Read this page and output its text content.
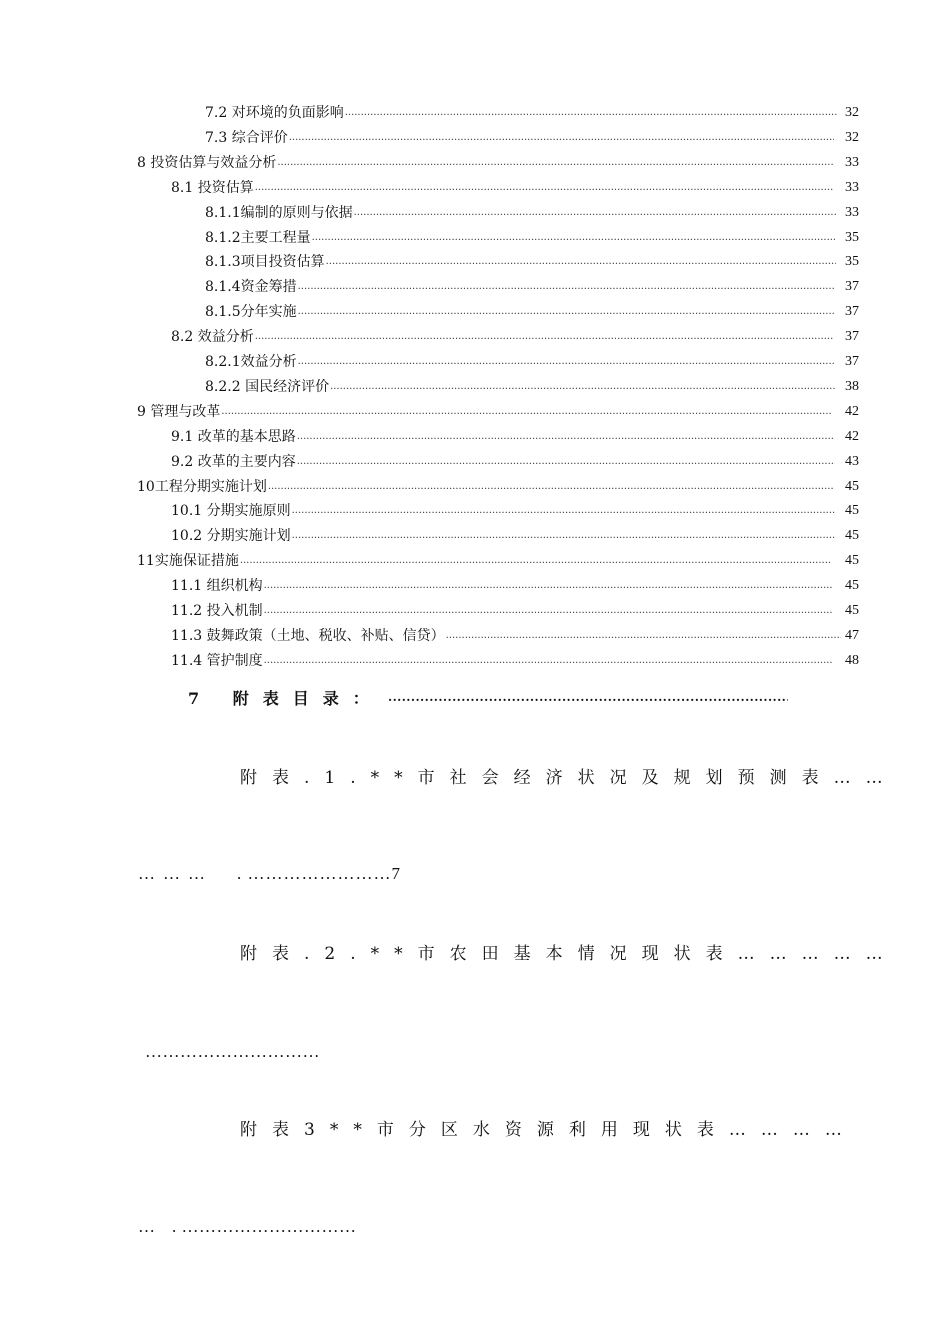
7.2 对环境的负面影响 .....	32
7.3 综合评价 .....	32
8 投资估算与效益分析 .....	33
8.1 投资估算 .....	33
8.1.1编制的原则与依据 .....	33
8.1.2主要工程量 .....	35
8.1.3项目投资估算 .....	35
8.1.4资金筹措 .....	37
8.1.5分年实施 .....	37
8.2 效益分析 .....	37
8.2.1效益分析 .....	37
8.2.2 国民经济评价 .....	38
9 管理与改革 .....	42
9.1 改革的基本思路 .....	42
9.2 改革的主要内容 .....	43
10工程分期实施计划 .....	45
10.1 分期实施原则 .....	45
10.2 分期实施计划 .....	45
11实施保证措施 .....	45
11.1 组织机构 .....	45
11.2 投入机制 .....	45
11.3 鼓舞政策（土地、税收、补贴、信贷） .....	47
11.4 管护制度 .....	48
7 附表目录：
.....
附表.1.**市社会经济状况及规划预测表……
……… . ……………………7
附表.2.**市农田基本情况现状表……………
…………………………
附表3**市分区水资源利用现状表…………
… . …………………………
